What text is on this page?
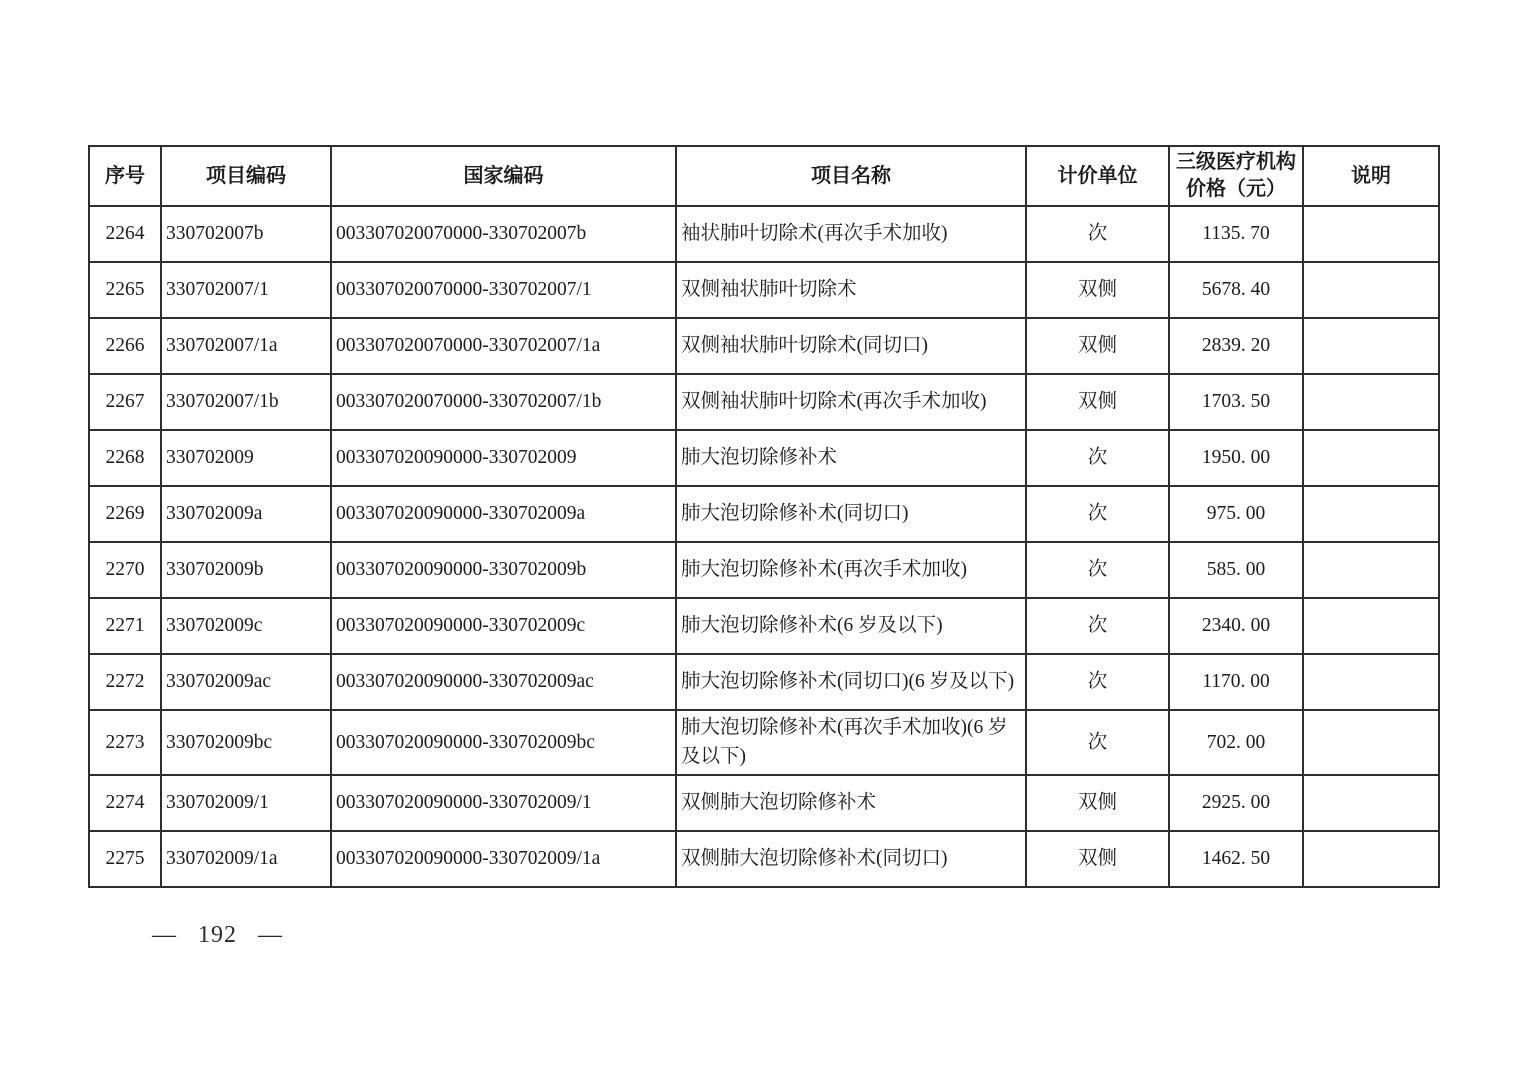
序号	项目编码	国家编码	项目名称	计价单位	三级医疗机构价格（元）	说明
2264	330702007b	003307020070000-330702007b	袖状肺叶切除术(再次手术加收)	次	1135. 70	
2265	330702007/1	003307020070000-330702007/1	双侧袖状肺叶切除术	双侧	5678. 40	
2266	330702007/1a	003307020070000-330702007/1a	双侧袖状肺叶切除术(同切口)	双侧	2839. 20	
2267	330702007/1b	003307020070000-330702007/1b	双侧袖状肺叶切除术(再次手术加收)	双侧	1703. 50	
2268	330702009	003307020090000-330702009	肺大泡切除修补术	次	1950. 00	
2269	330702009a	003307020090000-330702009a	肺大泡切除修补术(同切口)	次	975. 00	
2270	330702009b	003307020090000-330702009b	肺大泡切除修补术(再次手术加收)	次	585. 00	
2271	330702009c	003307020090000-330702009c	肺大泡切除修补术(6 岁及以下)	次	2340. 00	
2272	330702009ac	003307020090000-330702009ac	肺大泡切除修补术(同切口)(6 岁及以下)	次	1170. 00	
2273	330702009bc	003307020090000-330702009bc	肺大泡切除修补术(再次手术加收)(6 岁及以下)	次	702. 00	
2274	330702009/1	003307020090000-330702009/1	双侧肺大泡切除修补术	双侧	2925. 00	
2275	330702009/1a	003307020090000-330702009/1a	双侧肺大泡切除修补术(同切口)	双侧	1462. 50	
— 192 —
